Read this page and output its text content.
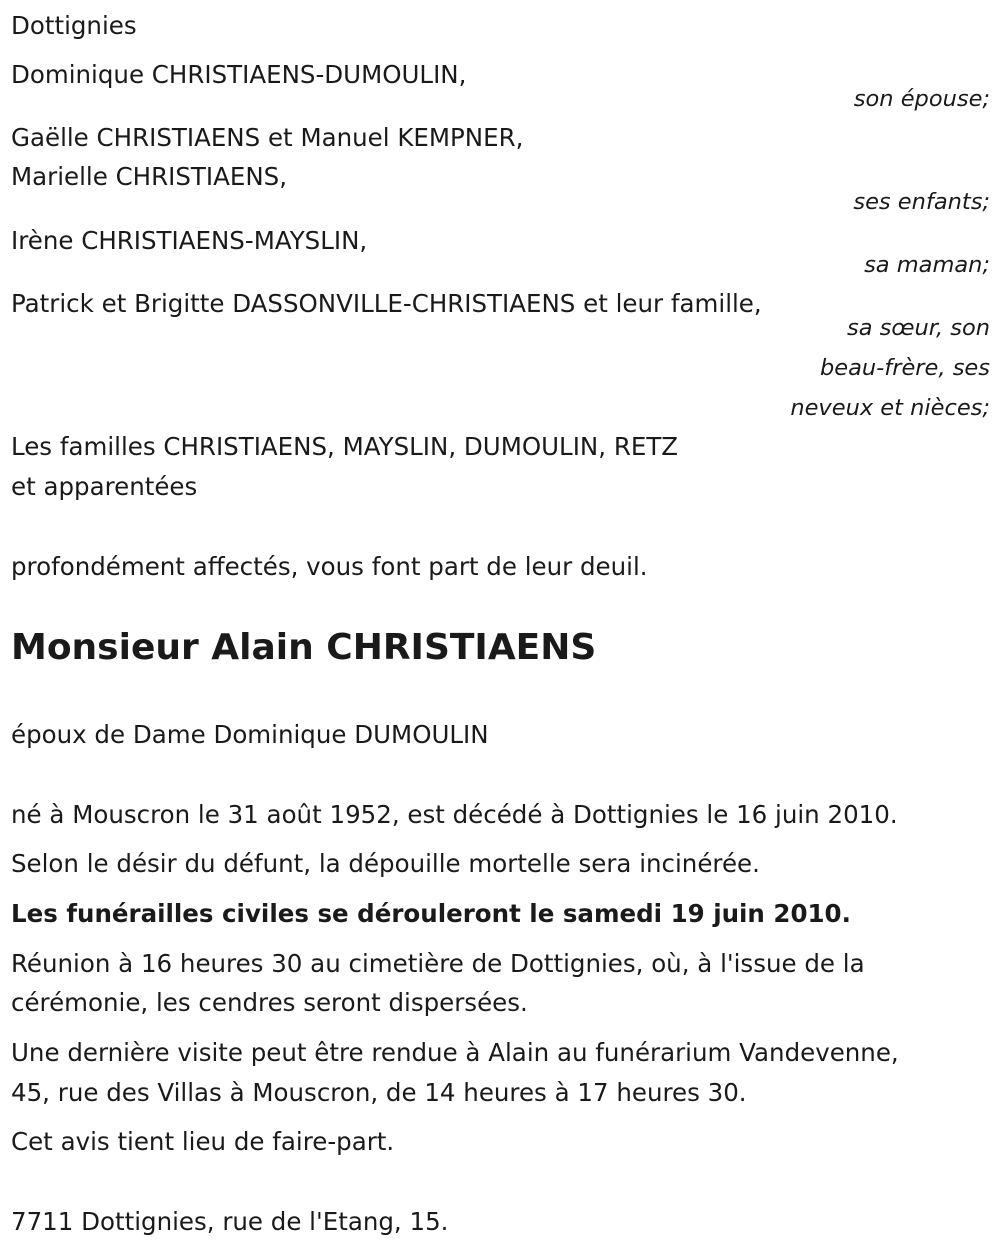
Dottignies

Dominique CHRISTIAENS-DUMOULIN,

son épouse;

Gaëlle CHRISTIAENS et Manuel KEMPNER,

Marielle CHRISTIAENS,

ses enfants;

Irène CHRISTIAENS-MAYSLIN,

sa maman;

Patrick et Brigitte DASSONVILLE-CHRISTIAENS et leur famille,

sa sœur, son

beau-frère, ses

neveux et nièces;

Les familles CHRISTIAENS, MAYSLIN, DUMOULIN, RETZ

et apparentées

profondément affectés, vous font part de leur deuil.

Monsieur Alain CHRISTIAENS

époux de Dame Dominique DUMOULIN

né à Mouscron le 31 août 1952, est décédé à Dottignies le 16 juin 2010.

Selon le désir du défunt, la dépouille mortelle sera incinérée.

Les funérailles civiles se dérouleront le samedi 19 juin 2010.

Réunion à 16 heures 30 au cimetière de Dottignies, où, à l'issue de la

cérémonie, les cendres seront dispersées.

Une dernière visite peut être rendue à Alain au funérarium Vandevenne,

45, rue des Villas à Mouscron, de 14 heures à 17 heures 30.

Cet avis tient lieu de faire-part.

7711 Dottignies, rue de l'Etang, 15.
